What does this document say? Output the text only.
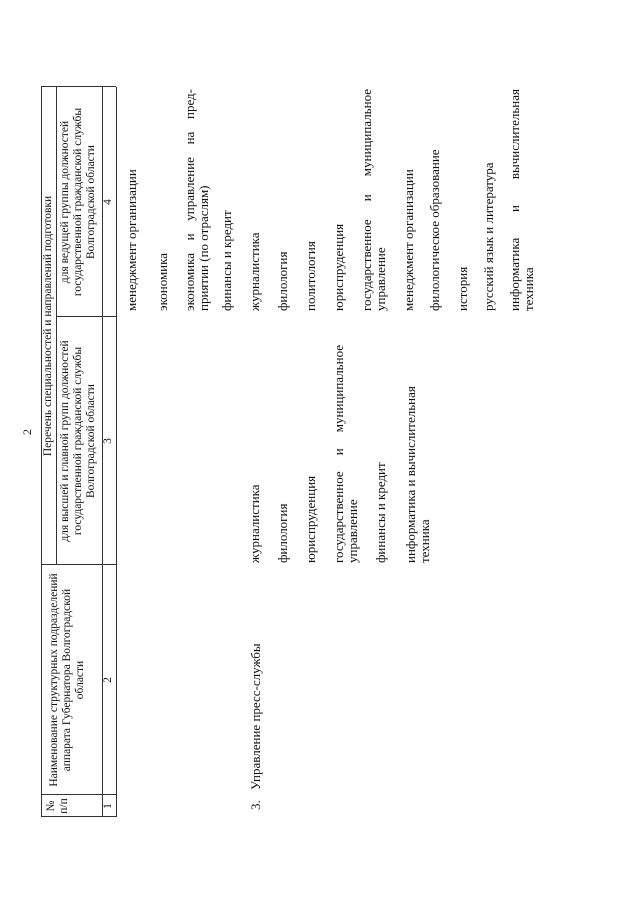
2
№ п/п
Наименование структурных подразделений аппарата Губернатора Волгоградской области
Перечень специальностей и направлений подготовки для высшей и главной групп должностей государственной гражданской службы Волгоградской области
для ведущей группы должностей государственной гражданской службы Волгоградской области
1
2
3
4
3.
Управление пресс-службы
журналистика филология юриспруденция государственное и муниципальное управление финансы и кредит информатика и вычислительная техника
менеджмент организации экономика экономика и управление на пред- приятии (по отраслям) финансы и кредит журналистика филология политология юриспруденция государственное и муниципальное управление менеджмент организации филологическое образование история русский язык и литература информатика и вычислительная техника
